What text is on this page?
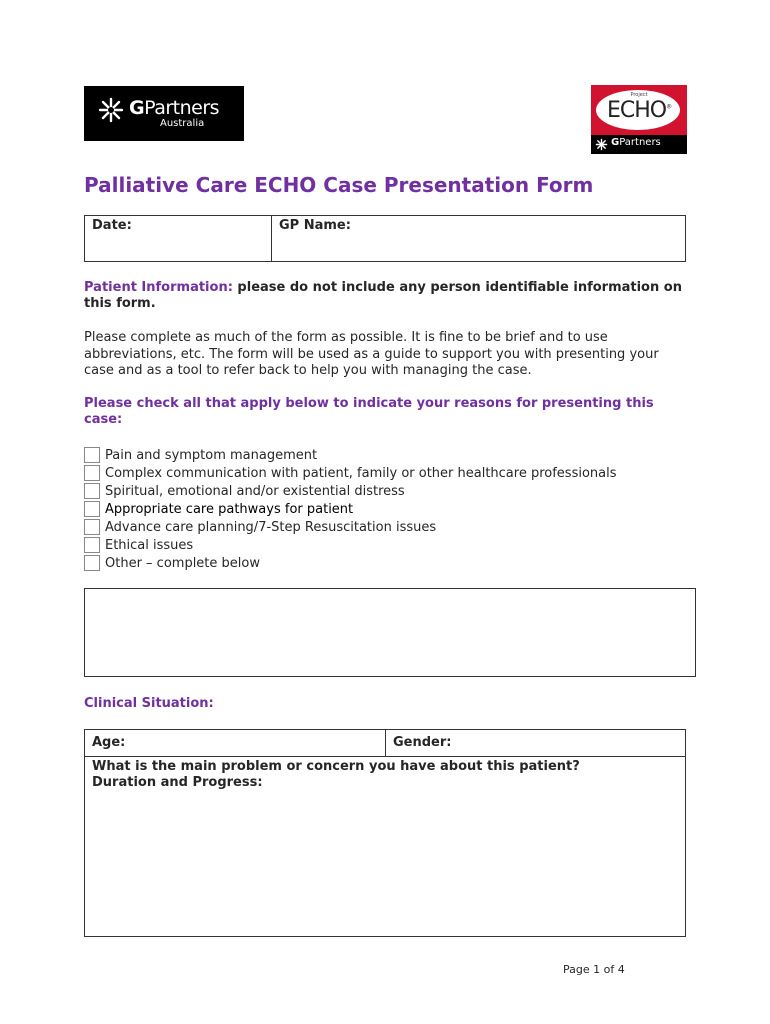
GPartners
Australia
Project
ECHO®
GPartners
Palliative Care ECHO Case Presentation Form
Date:	GP Name:
Patient Information: please do not include any person identifiable information on this form.
Please complete as much of the form as possible. It is fine to be brief and to use abbreviations, etc. The form will be used as a guide to support you with presenting your case and as a tool to refer back to help you with managing the case.
Please check all that apply below to indicate your reasons for presenting this case:
Pain and symptom management
Complex communication with patient, family or other healthcare professionals
Spiritual, emotional and/or existential distress
Appropriate care pathways for patient
Advance care planning/7-Step Resuscitation issues
Ethical issues
Other – complete below
Clinical Situation:
Age:	Gender:

What is the main problem or concern you have about this patient?
Duration and Progress:
Page 1 of 4
